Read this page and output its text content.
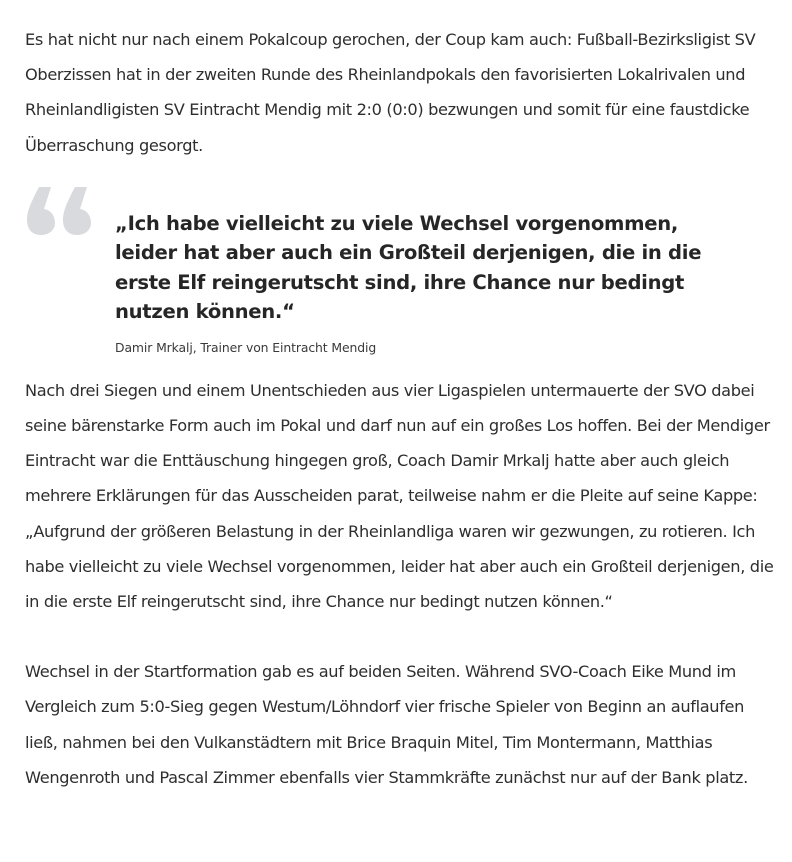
Es hat nicht nur nach einem Pokalcoup gerochen, der Coup kam auch: Fußball-Bezirksligist SV Oberzissen hat in der zweiten Runde des Rheinlandpokals den favorisierten Lokalrivalen und Rheinlandligisten SV Eintracht Mendig mit 2:0 (0:0) bezwungen und somit für eine faustdicke Überraschung gesorgt.

„Ich habe vielleicht zu viele Wechsel vorgenommen, leider hat aber auch ein Großteil derjenigen, die in die erste Elf reingerutscht sind, ihre Chance nur bedingt nutzen können.“

Damir Mrkalj, Trainer von Eintracht Mendig

Nach drei Siegen und einem Unentschieden aus vier Ligaspielen untermauerte der SVO dabei seine bärenstarke Form auch im Pokal und darf nun auf ein großes Los hoffen. Bei der Mendiger Eintracht war die Enttäuschung hingegen groß, Coach Damir Mrkalj hatte aber auch gleich mehrere Erklärungen für das Ausscheiden parat, teilweise nahm er die Pleite auf seine Kappe: „Aufgrund der größeren Belastung in der Rheinlandliga waren wir gezwungen, zu rotieren. Ich habe vielleicht zu viele Wechsel vorgenommen, leider hat aber auch ein Großteil derjenigen, die in die erste Elf reingerutscht sind, ihre Chance nur bedingt nutzen können.“

Wechsel in der Startformation gab es auf beiden Seiten. Während SVO-Coach Eike Mund im Vergleich zum 5:0-Sieg gegen Westum/Löhndorf vier frische Spieler von Beginn an auflaufen ließ, nahmen bei den Vulkanstädtern mit Brice Braquin Mitel, Tim Montermann, Matthias Wengenroth und Pascal Zimmer ebenfalls vier Stammkräfte zunächst nur auf der Bank platz.
